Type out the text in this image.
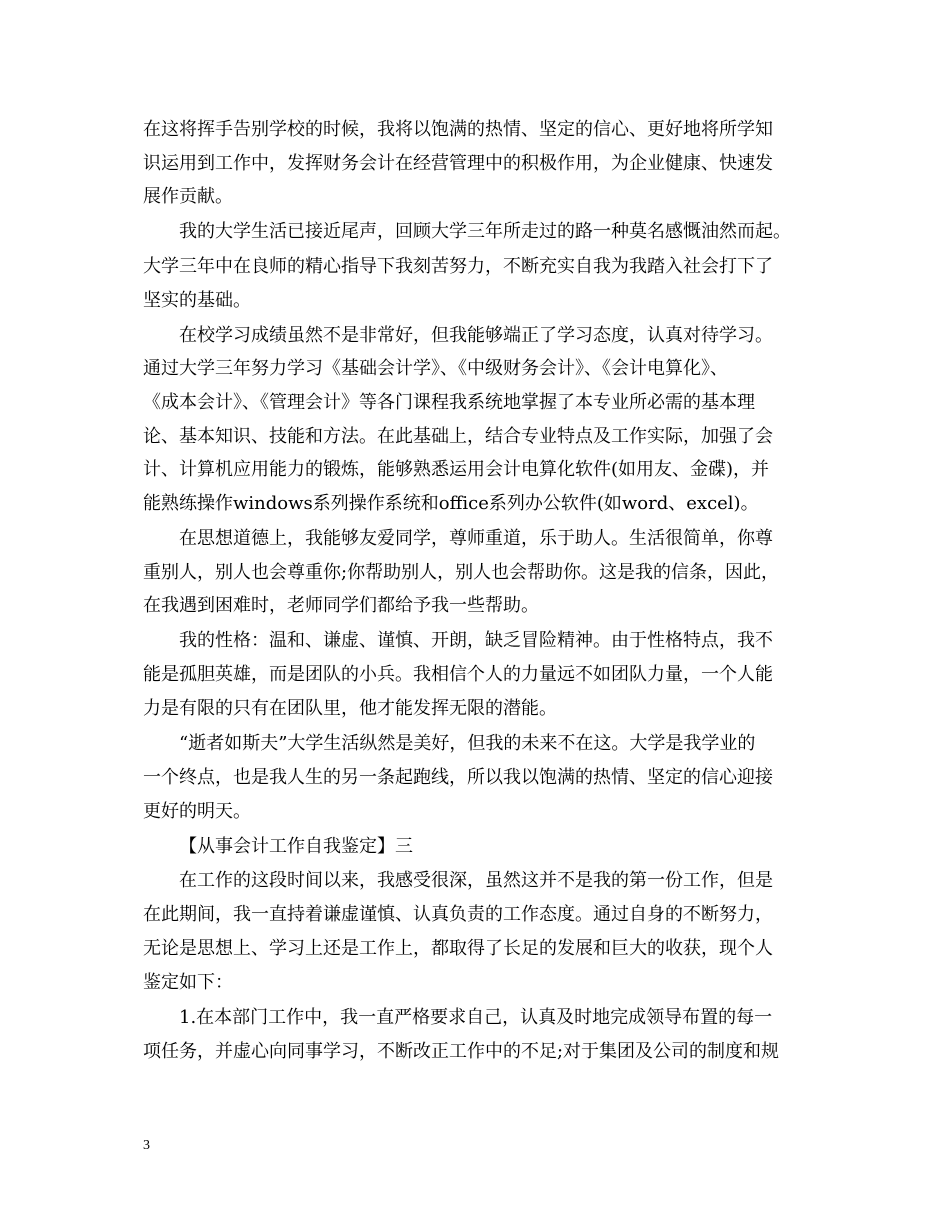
在这将挥手告别学校的时候，我将以饱满的热情、坚定的信心、更好地将所学知
识运用到工作中，发挥财务会计在经营管理中的积极作用，为企业健康、快速发
展作贡献。
我的大学生活已接近尾声，回顾大学三年所走过的路一种莫名感慨油然而起。
大学三年中在良师的精心指导下我刻苦努力，不断充实自我为我踏入社会打下了
坚实的基础。
在校学习成绩虽然不是非常好，但我能够端正了学习态度，认真对待学习。
通过大学三年努力学习《基础会计学》、《中级财务会计》、《会计电算化》、
《成本会计》、《管理会计》等各门课程我系统地掌握了本专业所必需的基本理
论、基本知识、技能和方法。在此基础上，结合专业特点及工作实际，加强了会
计、计算机应用能力的锻炼，能够熟悉运用会计电算化软件(如用友、金碟)，并
能熟练操作windows系列操作系统和office系列办公软件(如word、excel)。
在思想道德上，我能够友爱同学，尊师重道，乐于助人。生活很简单，你尊
重别人，别人也会尊重你;你帮助别人，别人也会帮助你。这是我的信条，因此，
在我遇到困难时，老师同学们都给予我一些帮助。
我的性格：温和、谦虚、谨慎、开朗，缺乏冒险精神。由于性格特点，我不
能是孤胆英雄，而是团队的小兵。我相信个人的力量远不如团队力量，一个人能
力是有限的只有在团队里，他才能发挥无限的潜能。
“逝者如斯夫”大学生活纵然是美好，但我的未来不在这。大学是我学业的
一个终点，也是我人生的另一条起跑线，所以我以饱满的热情、坚定的信心迎接
更好的明天。
【从事会计工作自我鉴定】三
在工作的这段时间以来，我感受很深，虽然这并不是我的第一份工作，但是
在此期间，我一直持着谦虚谨慎、认真负责的工作态度。通过自身的不断努力，
无论是思想上、学习上还是工作上，都取得了长足的发展和巨大的收获，现个人
鉴定如下：
1.在本部门工作中，我一直严格要求自己，认真及时地完成领导布置的每一
项任务，并虚心向同事学习，不断改正工作中的不足;对于集团及公司的制度和规
3
